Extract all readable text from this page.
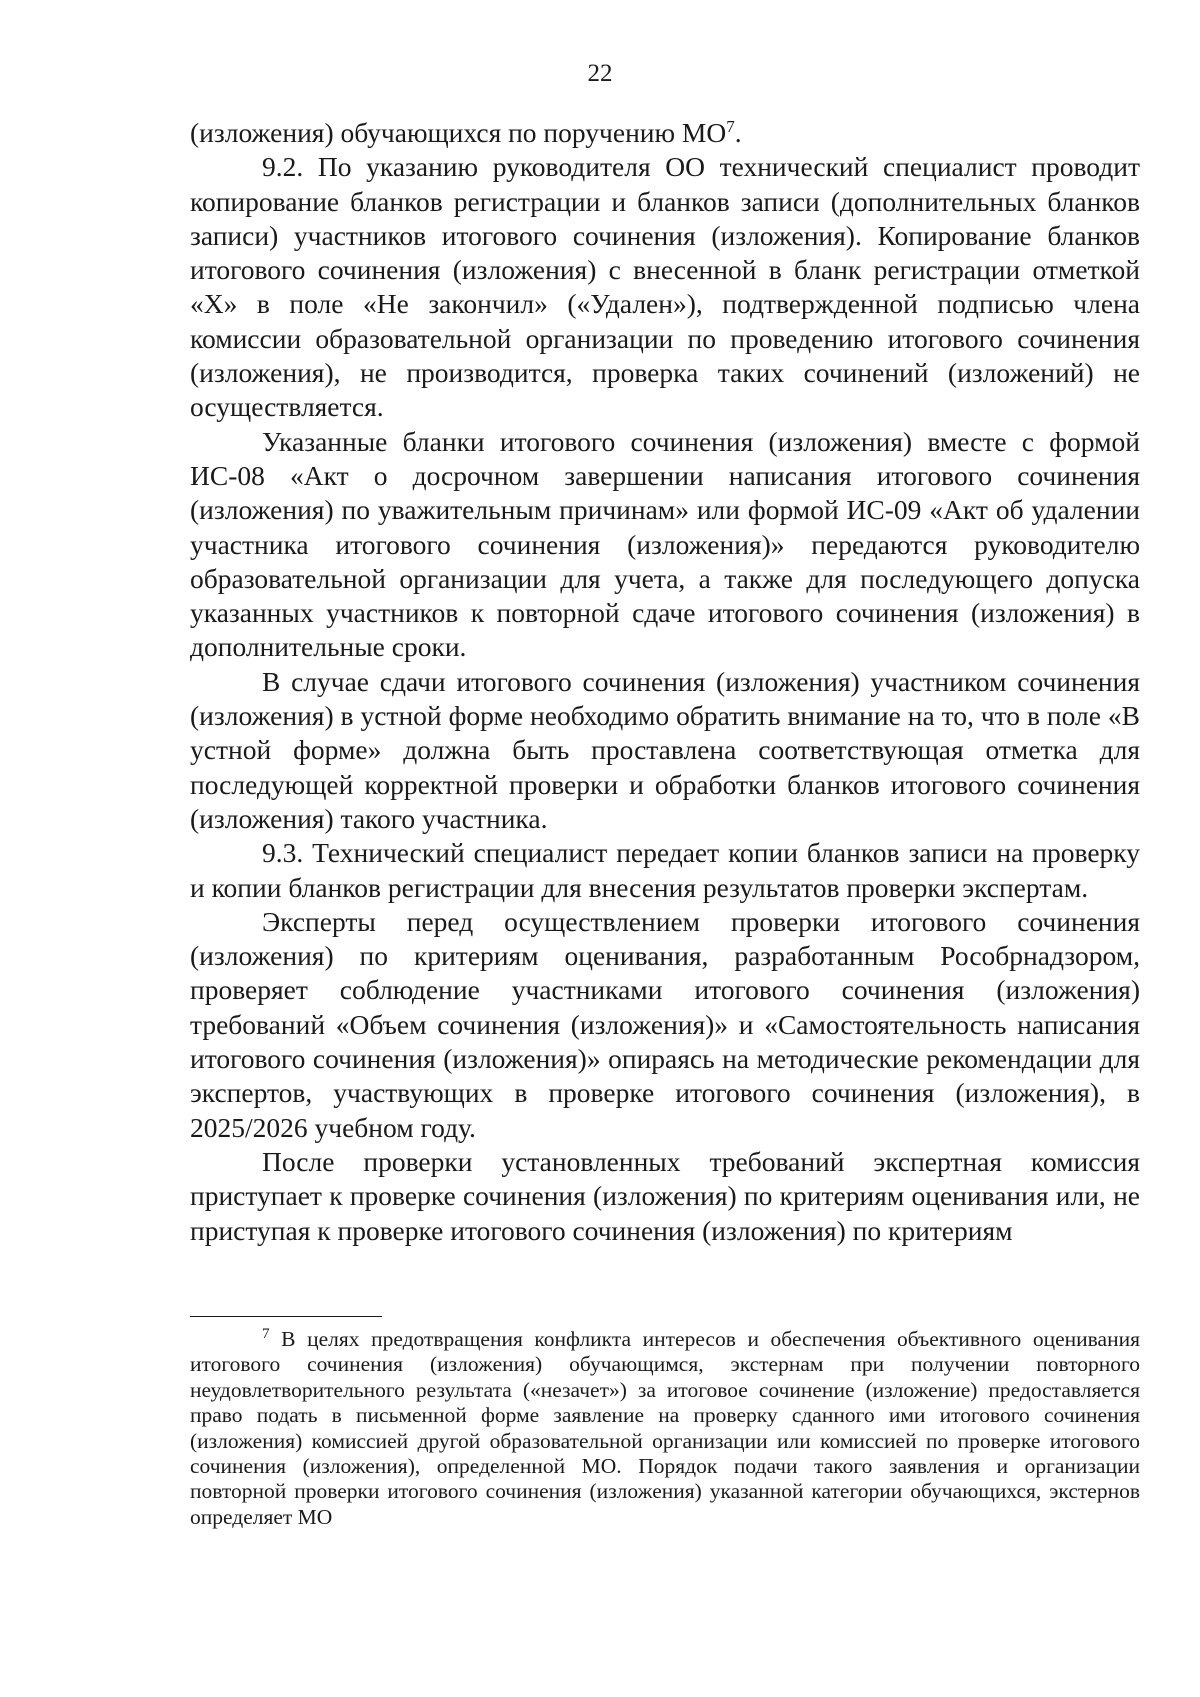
22

(изложения) обучающихся по поручению $МО^7$.

9.2. По указанию руководителя ОО технический специалист проводит копирование бланков регистрации и бланков записи (дополнительных бланков записи) участников итогового сочинения (изложения). Копирование бланков итогового сочинения (изложения) с внесенной в бланк регистрации отметкой «Х» в поле «Не закончил» («Удален»), подтвержденной подписью члена комиссии образовательной организации по проведению итогового сочинения (изложения), не производится, проверка таких сочинений (изложений) не осуществляется.

Указанные бланки итогового сочинения (изложения) вместе с формой ИС-08 «Акт о досрочном завершении написания итогового сочинения (изложения) по уважительным причинам» или формой ИС-09 «Акт об удалении участника итогового сочинения (изложения)» передаются руководителю образовательной организации для учета, а также для последующего допуска указанных участников к повторной сдаче итогового сочинения (изложения) в дополнительные сроки.

В случае сдачи итогового сочинения (изложения) участником сочинения (изложения) в устной форме необходимо обратить внимание на то, что в поле «В устной форме» должна быть проставлена соответствующая отметка для последующей корректной проверки и обработки бланков итогового сочинения (изложения) такого участника.

9.3. Технический специалист передает копии бланков записи на проверку и копии бланков регистрации для внесения результатов проверки экспертам.

Эксперты перед осуществлением проверки итогового сочинения (изложения) по критериям оценивания, разработанным Рособрнадзором, проверяет соблюдение участниками итогового сочинения (изложения) требований «Объем сочинения (изложения)» и «Самостоятельность написания итогового сочинения (изложения)» опираясь на методические рекомендации для экспертов, участвующих в проверке итогового сочинения (изложения), в 2025/2026 учебном году.

После проверки установленных требований экспертная комиссия приступает к проверке сочинения (изложения) по критериям оценивания или, не приступая к проверке итогового сочинения (изложения) по критериям

$^7$ В целях предотвращения конфликта интересов и обеспечения объективного оценивания итогового сочинения (изложения) обучающимся, экстернам при получении повторного неудовлетворительного результата («незачет») за итоговое сочинение (изложение) предоставляется право подать в письменной форме заявление на проверку сданного ими итогового сочинения (изложения) комиссией другой образовательной организации или комиссией по проверке итогового сочинения (изложения), определенной МО. Порядок подачи такого заявления и организации повторной проверки итогового сочинения (изложения) указанной категории обучающихся, экстернов определяет МО
